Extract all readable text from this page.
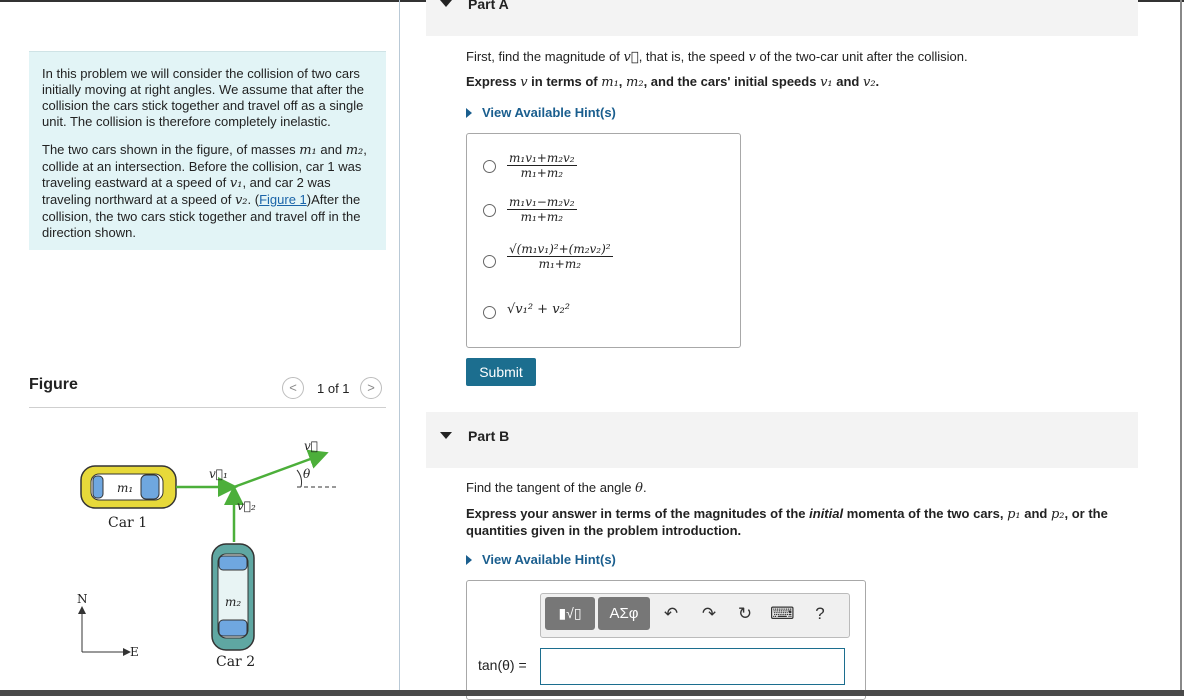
In this problem we will consider the collision of two cars initially moving at right angles. We assume that after the collision the cars stick together and travel off as a single unit. The collision is therefore completely inelastic.

The two cars shown in the figure, of masses m₁ and m₂, collide at an intersection. Before the collision, car 1 was traveling eastward at a speed of v₁, and car 2 was traveling northward at a speed of v₂. (Figure 1)After the collision, the two cars stick together and travel off in the direction shown.

Figure	<	1 of 1	>
m₁
Car 1
v⃗₁
v⃗₂
v⃗
θ
m₂
Car 2
N
E
Part A
First, find the magnitude of v⃗, that is, the speed v of the two-car unit after the collision.
Express v in terms of m₁, m₂, and the cars' initial speeds v₁ and v₂.
View Available Hint(s)
$\frac{\text{m₁v₁+m₂v₂}}{\text{m₁+m₂}}$
$\frac{\text{m₁v₁−m₂v₂}}{\text{m₁+m₂}}$
$\frac{\text{√(m₁v₁)²+(m₂v₂)²}}{\text{m₁+m₂}}$
√v₁² + v₂²
Submit
Part B
Find the tangent of the angle θ.
Express your answer in terms of the magnitudes of the initial momenta of the two cars, p₁ and p₂, or the quantities given in the problem introduction.
View Available Hint(s)
▮√▯	ΑΣφ	↶ ↷ ↻ ⌨	?
tan(θ) =
